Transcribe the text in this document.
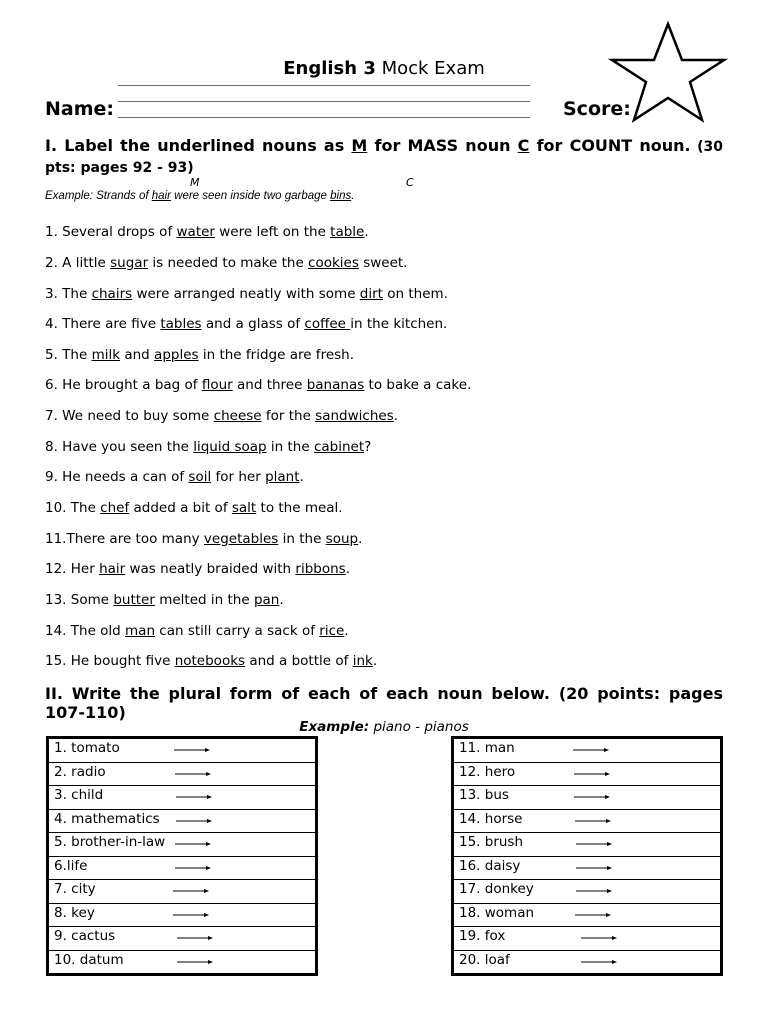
English 3 Mock Exam
Name:	Score:
I. Label the underlined nouns as M for MASS noun C for COUNT noun. (30 pts: pages 92 - 93)
M	C
Example: Strands of hair were seen inside two garbage bins.
1. Several drops of water were left on the table.
2. A little sugar is needed to make the cookies sweet.
3. The chairs were arranged neatly with some dirt on them.
4. There are five tables and a glass of coffee in the kitchen.
5. The milk and apples in the fridge are fresh.
6. He brought a bag of flour and three bananas to bake a cake.
7. We need to buy some cheese for the sandwiches.
8. Have you seen the liquid soap in the cabinet?
9. He needs a can of soil for her plant.
10. The chef added a bit of salt to the meal.
11.There are too many vegetables in the soup.
12. Her hair was neatly braided with ribbons.
13. Some butter melted in the pan.
14. The old man can still carry a sack of rice.
15. He bought five notebooks and a bottle of ink.
II. Write the plural form of each of each noun below. (20 points: pages 107-110)
Example: piano - pianos
1. tomato

2. radio

3. child

4. mathematics

5. brother-in-law

6.life

7. city

8. key

9. cactus

10. datum
11. man

12. hero

13. bus

14. horse

15. brush

16. daisy

17. donkey

18. woman

19. fox

20. loaf
